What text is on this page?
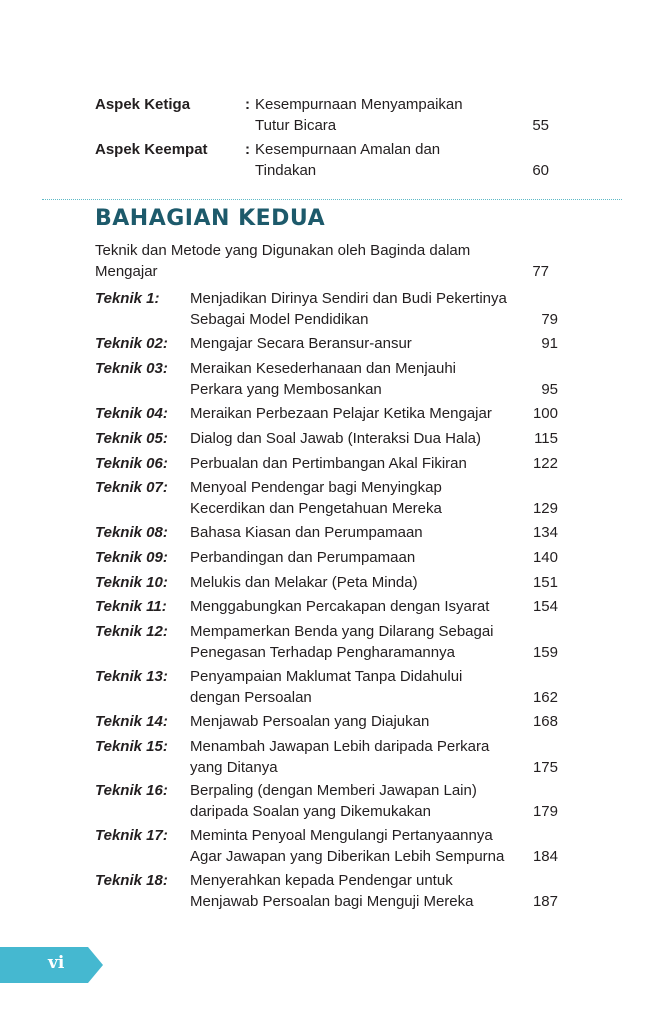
Aspek Ketiga	: Kesempurnaan Menyampaikan
Tutur Bicara	55
Aspek Keempat : Kesempurnaan Amalan dan
Tindakan	60
BAHAGIAN KEDUA
Teknik dan Metode yang Digunakan oleh Baginda dalam Mengajar	77
Teknik 1: Menjadikan Dirinya Sendiri dan Budi Pekertinya
Sebagai Model Pendidikan	79
Teknik 02: Mengajar Secara Beransur-ansur	91
Teknik 03: Meraikan Kesederhanaan dan Menjauhi
Perkara yang Membosankan	95
Teknik 04: Meraikan Perbezaan Pelajar Ketika Mengajar	100
Teknik 05: Dialog dan Soal Jawab (Interaksi Dua Hala)	115
Teknik 06: Perbualan dan Pertimbangan Akal Fikiran	122
Teknik 07: Menyoal Pendengar bagi Menyingkap
Kecerdikan dan Pengetahuan Mereka	129
Teknik 08: Bahasa Kiasan dan Perumpamaan	134
Teknik 09: Perbandingan dan Perumpamaan	140
Teknik 10: Melukis dan Melakar (Peta Minda)	151
Teknik 11: Menggabungkan Percakapan dengan Isyarat	154
Teknik 12: Mempamerkan Benda yang Dilarang Sebagai
Penegasan Terhadap Pengharamannya	159
Teknik 13: Penyampaian Maklumat Tanpa Didahului
dengan Persoalan	162
Teknik 14: Menjawab Persoalan yang Diajukan	168
Teknik 15: Menambah Jawapan Lebih daripada Perkara
yang Ditanya	175
Teknik 16: Berpaling (dengan Memberi Jawapan Lain)
daripada Soalan yang Dikemukakan	179
Teknik 17: Meminta Penyoal Mengulangi Pertanyaannya
Agar Jawapan yang Diberikan Lebih Sempurna	184
Teknik 18: Menyerahkan kepada Pendengar untuk
Menjawab Persoalan bagi Menguji Mereka	187
vi
